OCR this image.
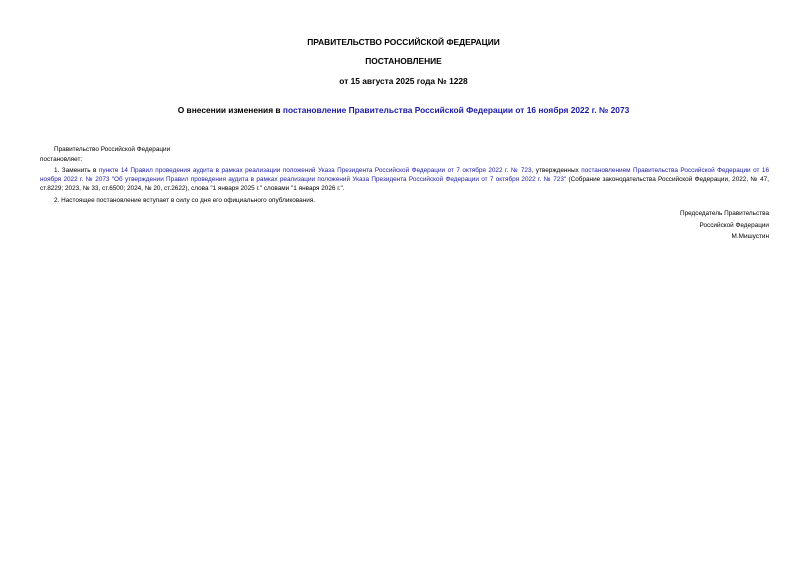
ПРАВИТЕЛЬСТВО РОССИЙСКОЙ ФЕДЕРАЦИИ
ПОСТАНОВЛЕНИЕ
от 15 августа 2025 года № 1228
О внесении изменения в постановление Правительства Российской Федерации от 16 ноября 2022 г. № 2073
Правительство Российской Федерации
постановляет:
1. Заменить в пункте 14 Правил проведения аудита в рамках реализации положений Указа Президента Российской Федерации от 7 октября 2022 г. № 723, утвержденных постановлением Правительства Российской Федерации от 16 ноября 2022 г. № 2073 "Об утверждении Правил проведения аудита в рамках реализации положений Указа Президента Российской Федерации от 7 октября 2022 г. № 723" (Собрание законодательства Российской Федерации, 2022, № 47, ст.8229; 2023, № 33, ст.6500; 2024, № 20, ст.2622), слова "1 января 2025 г." словами "1 января 2026 г.".
2. Настоящее постановление вступает в силу со дня его официального опубликования.
Председатель Правительства
Российской Федерации
М.Мишустин
